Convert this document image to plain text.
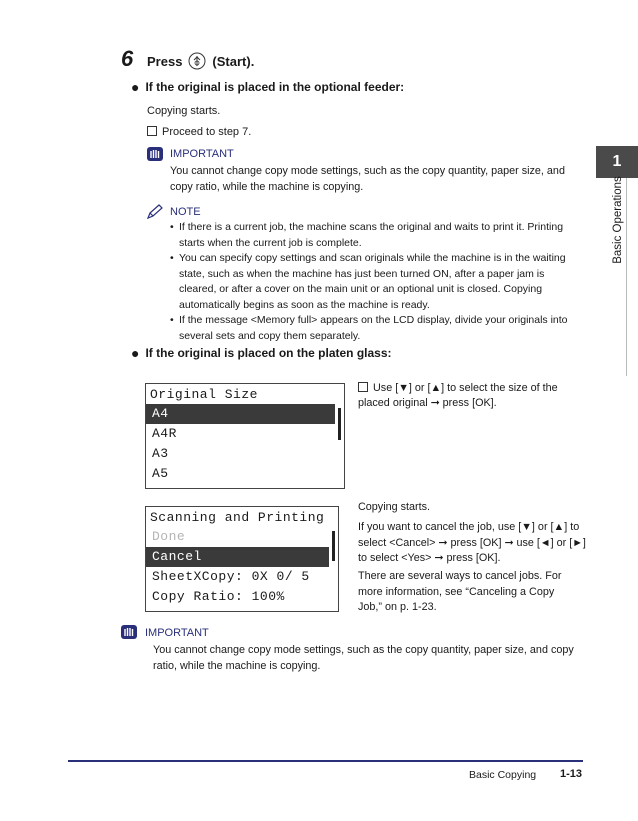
6 Press (Start).
● If the original is placed in the optional feeder:
Copying starts.
Proceed to step 7.
IMPORTANT
You cannot change copy mode settings, such as the copy quantity, paper size, and copy ratio, while the machine is copying.
NOTE
• If there is a current job, the machine scans the original and waits to print it. Printing starts when the current job is complete.
• You can specify copy settings and scan originals while the machine is in the waiting state, such as when the machine has just been turned ON, after a paper jam is cleared, or after a cover on the main unit or an optional unit is closed. Copying automatically begins as soon as the machine is ready.
• If the message <Memory full> appears on the LCD display, divide your originals into several sets and copy them separately.
● If the original is placed on the platen glass:
Original Size
A4
A4R
A3
A5
Use [▼] or [▲] to select the size of the placed original ➞ press [OK].
Scanning and Printing
Done
Cancel
SheetXCopy: 0X 0/ 5
Copy Ratio: 100%
Copying starts.
If you want to cancel the job, use [▼] or [▲] to select <Cancel> ➞ press [OK] ➞ use [◄] or [►] to select <Yes> ➞ press [OK].
There are several ways to cancel jobs. For more information, see “Canceling a Copy Job,” on p. 1-23.
IMPORTANT
You cannot change copy mode settings, such as the copy quantity, paper size, and copy ratio, while the machine is copying.
1
Basic Operations
Basic Copying 1-13
